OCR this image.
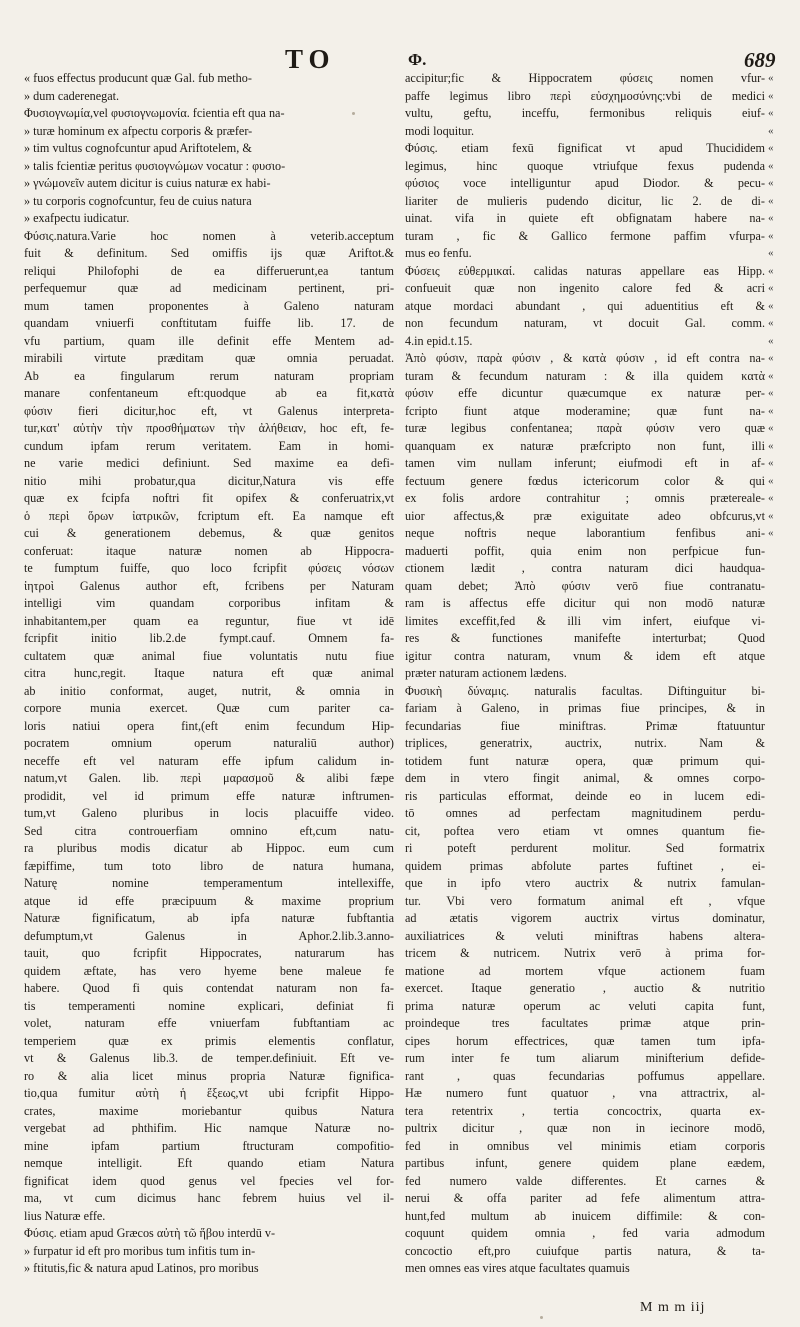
TO	Φ.	689
« fuos effectus producunt quæ Gal. fub metho-
» dum caderenegat.
Φυσιογνωμία,vel φυσιογνωμονία. fcientia eft qua na-
» turæ hominum ex afpectu corporis & præfer-
» tim vultus cognofcuntur apud Ariftotelem, &
» talis fcientiæ peritus φυσιογνώμων vocatur : φυσιο-
» γνώμονεῖν autem dicitur is cuius naturæ ex habi-
» tu corporis cognofcuntur, feu de cuius natura
» exafpectu iudicatur.
Φύσις.natura.Varie hoc nomen à veterib.acceptum
fuit & definitum. Sed omiffis ijs quæ Ariftot.&
reliqui Philofophi de ea differuerunt,ea tantum
perfequemur quæ ad medicinam pertinent, pri-
mum tamen proponentes à Galeno naturam
quandam vniuerfi conftitutam fuiffe lib. 17. de
vfu partium, quam ille definit effe Mentem ad-
mirabili virtute præditam quæ omnia peruadat.
Ab ea fingularum rerum naturam propriam
manare confentaneum eft:quodque ab ea fit,κατὰ
φύσιν fieri dicitur,hoc eft, vt Galenus interpreta-
tur,κατ' αὐτὴν τὴν προσθήματων τὴν ἀλήθειαν, hoc eft, fe-
cundum ipfam rerum veritatem. Eam in homi-
ne varie medici definiunt. Sed maxime ea defi-
nitio mihi probatur,qua dicitur,Natura vis effe
quæ ex fcipfa noftri fit opifex & conferuatrix,vt
ὁ περὶ ὅρων ἰατρικῶν, fcriptum eft. Ea namque eft
cui & generationem debemus, & quæ genitos
conferuat: itaque naturæ nomen ab Hippocra-
te fumptum fuiffe, quo loco fcripfit φύσεις νόσων
ἰητροὶ Galenus author eft, fcribens per Naturam
intelligi vim quandam corporibus infitam &
inhabitantem,per quam ea reguntur, fiue vt idē
fcripfit initio lib.2.de fympt.cauf. Omnem fa-
cultatem quæ animal fiue voluntatis nutu fiue
citra hunc,regit. Itaque natura eft quæ animal
ab initio conformat, auget, nutrit, & omnia in
corpore munia exercet. Quæ cum pariter ca-
loris natiui opera fint,(eft enim fecundum Hip-
pocratem omnium operum naturaliū author)
neceffe eft vel naturam effe ipfum calidum in-
natum,vt Galen. lib. περὶ μαρασμοῦ & alibi fæpe
prodidit, vel id primum effe naturæ inftrumen-
tum,vt Galeno pluribus in locis placuiffe video.
Sed citra controuerfiam omnino eft,cum natu-
ra pluribus modis dicatur ab Hippoc. eum cum
fæpiffime, tum toto libro de natura humana,
Naturę nomine temperamentum intellexiffe,
atque id effe præcipuum & maxime proprium
Naturæ fignificatum, ab ipfa naturæ fubftantia
defumptum,vt Galenus in Aphor.2.lib.3.anno-
tauit, quo fcripfit Hippocrates, naturarum has
quidem æftate, has vero hyeme bene maleue fe
habere. Quod fi quis contendat naturam non fa-
tis temperamenti nomine explicari, definiat fi
volet, naturam effe vniuerfam fubftantiam ac
temperiem quæ ex primis elementis conflatur,
vt & Galenus lib.3. de temper.definiuit. Eft ve-
ro & alia licet minus propria Naturæ fignifica-
tio,qua fumitur αὐτὴ ἡ ἕξεως,vt ubi fcripfit Hippo-
crates, maxime moriebantur quibus Natura
vergebat ad phthifim. Hic namque Naturæ no-
mine ipfam partium ftructuram compofitio-
nemque intelligit. Eft quando etiam Natura
fignificat idem quod genus vel fpecies vel for-
ma, vt cum dicimus hanc febrem huius vel il-
lius Naturæ effe.
Φύσις. etiam apud Græcos αὐτὴ τῶ ἥβου interdū v-
» furpatur id eft pro moribus tum infitis tum in-
» ftitutis,fic & natura apud Latinos, pro moribus
accipitur;fic & Hippocratem φύσεις nomen vfur-
paffe legimus libro περὶ εὐσχημοσύνης:vbi de medici
vultu, geftu, inceffu, fermonibus reliquis eiuf-
modi loquitur.
Φύσις. etiam fexū fignificat vt apud Thucididem
legimus, hinc quoque vtriufque fexus pudenda
φύσιος voce intelliguntur apud Diodor. & pecu-
liariter de mulieris pudendo dicitur, lic 2. de di-
uinat. vifa in quiete eft obfignatam habere na-
turam , fic & Gallico fermone paffim vfurpa-
mus eo fenfu.
Φύσεις εὐθερμικαί. calidas naturas appellare eas Hipp.
confueuit quæ non ingenito calore fed & acri
atque mordaci abundant , qui aduentitius eft &
non fecundum naturam, vt docuit Gal. comm.
4.in epid.t.15.
Ἀπὸ φύσιν, παρὰ φύσιν , & κατὰ φύσιν , id eft contra na-
turam & fecundum naturam : & illa quidem κατὰ
φύσιν effe dicuntur quæcumque ex naturæ per-
fcripto fiunt atque moderamine; quæ funt na-
turæ legibus confentanea; παρὰ φύσιν vero quæ
quanquam ex naturæ præfcripto non funt, illi
tamen vim nullam inferunt; eiufmodi eft in af-
fectuum genere fœdus ictericorum color & qui
ex folis ardore contrahitur ; omnis prætereale-
uior affectus,& præ exiguitate adeo obfcurus,vt
neque noftris neque laborantium fenfibus ani-
maduerti poffit, quia enim non perfpicue fun-
ctionem lædit , contra naturam dici haudqua-
quam debet; Ἀπὸ φύσιν verō fiue contranatu-
ram is affectus effe dicitur qui non modō naturæ
limites exceffit,fed & illi vim infert, eiufque vi-
res & functiones manifefte interturbat; Quod
igitur contra naturam, vnum & idem eft atque
præter naturam actionem lædens.
Φυσικὴ δύναμις. naturalis facultas. Diftinguitur bi-
fariam à Galeno, in primas fiue principes, & in
fecundarias fiue miniftras. Primæ ftatuuntur
triplices, generatrix, auctrix, nutrix. Nam &
totidem funt naturæ opera, quæ primum qui-
dem in vtero fingit animal, & omnes corpo-
ris particulas efformat, deinde eo in lucem edi-
tō omnes ad perfectam magnitudinem perdu-
cit, poftea vero etiam vt omnes quantum fie-
ri poteft perdurent molitur. Sed formatrix
quidem primas abfolute partes fuftinet , ei-
que in ipfo vtero auctrix & nutrix famulan-
tur. Vbi vero formatum animal eft , vfque
ad ætatis vigorem auctrix virtus dominatur,
auxiliatrices & veluti miniftras habens altera-
tricem & nutricem. Nutrix verō à prima for-
matione ad mortem vfque actionem fuam
exercet. Itaque generatio , auctio & nutritio
prima naturæ operum ac veluti capita funt,
proindeque tres facultates primæ atque prin-
cipes horum effectrices, quæ tamen tum ipfa-
rum inter fe tum aliarum minifterium defide-
rant , quas fecundarias poffumus appellare.
Hæ numero funt quatuor , vna attractrix, al-
tera retentrix , tertia concoctrix, quarta ex-
pultrix dicitur , quæ non in iecinore modō,
fed in omnibus vel minimis etiam corporis
partibus infunt, genere quidem plane eædem,
fed numero valde differentes. Et carnes &
nerui & offa pariter ad fefe alimentum attra-
hunt,fed multum ab inuicem diffimile: & con-
coquunt quidem omnia , fed varia admodum
concoctio eft,pro cuiufque partis natura, & ta-
men omnes eas vires atque facultates quamuis
«
«
«
«
«
«
«
«
«
«
«
«
«
«
«
«
«
«
«
«
«
«
«
«
«
«
«
M m m iij
